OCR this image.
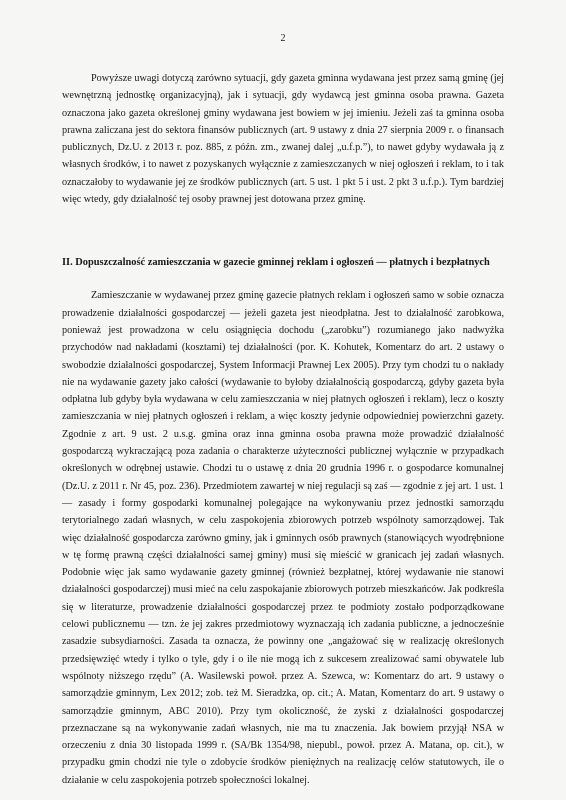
2

Powyższe uwagi dotyczą zarówno sytuacji, gdy gazeta gminna wydawana jest przez samą gminę (jej wewnętrzną jednostkę organizacyjną), jak i sytuacji, gdy wydawcą jest gminna osoba prawna. Gazeta oznaczona jako gazeta określonej gminy wydawana jest bowiem w jej imieniu. Jeżeli zaś ta gminna osoba prawna zaliczana jest do sektora finansów publicznych (art. 9 ustawy z dnia 27 sierpnia 2009 r. o finansach publicznych, Dz.U. z 2013 r. poz. 885, z późn. zm., zwanej dalej „u.f.p.”), to nawet gdyby wydawała ją z własnych środków, i to nawet z pozyskanych wyłącznie z zamieszczanych w niej ogłoszeń i reklam, to i tak oznaczałoby to wydawanie jej ze środków publicznych (art. 5 ust. 1 pkt 5 i ust. 2 pkt 3 u.f.p.). Tym bardziej więc wtedy, gdy działalność tej osoby prawnej jest dotowana przez gminę.

II. Dopuszczalność zamieszczania w gazecie gminnej reklam i ogłoszeń — płatnych i bezpłatnych

Zamieszczanie w wydawanej przez gminę gazecie płatnych reklam i ogłoszeń samo w sobie oznacza prowadzenie działalności gospodarczej — jeżeli gazeta jest nieodpłatna. Jest to działalność zarobkowa, ponieważ jest prowadzona w celu osiągnięcia dochodu („zarobku”) rozumianego jako nadwyżka przychodów nad nakładami (kosztami) tej działalności (por. K. Kohutek, Komentarz do art. 2 ustawy o swobodzie działalności gospodarczej, System Informacji Prawnej Lex 2005). Przy tym chodzi tu o nakłady nie na wydawanie gazety jako całości (wydawanie to byłoby działalnością gospodarczą, gdyby gazeta była odpłatna lub gdyby była wydawana w celu zamieszczania w niej płatnych ogłoszeń i reklam), lecz o koszty zamieszczania w niej płatnych ogłoszeń i reklam, a więc koszty jedynie odpowiedniej powierzchni gazety. Zgodnie z art. 9 ust. 2 u.s.g. gmina oraz inna gminna osoba prawna może prowadzić działalność gospodarczą wykraczającą poza zadania o charakterze użyteczności publicznej wyłącznie w przypadkach określonych w odrębnej ustawie. Chodzi tu o ustawę z dnia 20 grudnia 1996 r. o gospodarce komunalnej (Dz.U. z 2011 r. Nr 45, poz. 236). Przedmiotem zawartej w niej regulacji są zaś — zgodnie z jej art. 1 ust. 1 — zasady i formy gospodarki komunalnej polegające na wykonywaniu przez jednostki samorządu terytorialnego zadań własnych, w celu zaspokojenia zbiorowych potrzeb wspólnoty samorządowej. Tak więc działalność gospodarcza zarówno gminy, jak i gminnych osób prawnych (stanowiących wyodrębnione w tę formę prawną części działalności samej gminy) musi się mieścić w granicach jej zadań własnych. Podobnie więc jak samo wydawanie gazety gminnej (również bezpłatnej, której wydawanie nie stanowi działalności gospodarczej) musi mieć na celu zaspokajanie zbiorowych potrzeb mieszkańców. Jak podkreśla się w literaturze, prowadzenie działalności gospodarczej przez te podmioty zostało podporządkowane celowi publicznemu — tzn. że jej zakres przedmiotowy wyznaczają ich zadania publiczne, a jednocześnie zasadzie subsydiarności. Zasada ta oznacza, że powinny one „angażować się w realizację określonych przedsięwzięć wtedy i tylko o tyle, gdy i o ile nie mogą ich z sukcesem zrealizować sami obywatele lub wspólnoty niższego rzędu” (A. Wasilewski powoł. przez A. Szewca, w: Komentarz do art. 9 ustawy o samorządzie gminnym, Lex 2012; zob. też M. Sieradzka, op. cit.; A. Matan, Komentarz do art. 9 ustawy o samorządzie gminnym, ABC 2010). Przy tym okoliczność, że zyski z działalności gospodarczej przeznaczane są na wykonywanie zadań własnych, nie ma tu znaczenia. Jak bowiem przyjął NSA w orzeczeniu z dnia 30 listopada 1999 r. (SA/Bk 1354/98, niepubl., powoł. przez A. Matana, op. cit.), w przypadku gmin chodzi nie tyle o zdobycie środków pieniężnych na realizację celów statutowych, ile o działanie w celu zaspokojenia potrzeb społeczności lokalnej.
